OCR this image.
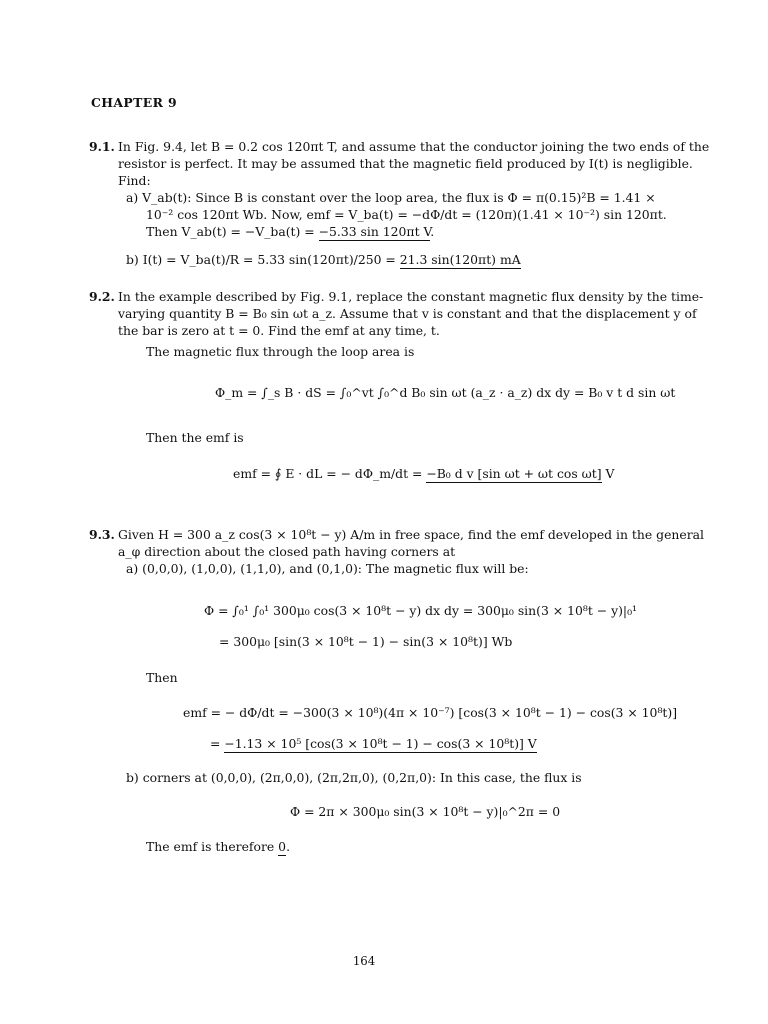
CHAPTER 9
9.1. In Fig. 9.4, let B = 0.2 cos 120πt T, and assume that the conductor joining the two ends of the
resistor is perfect. It may be assumed that the magnetic field produced by I(t) is negligible.
Find:
a) V_ab(t): Since B is constant over the loop area, the flux is Φ = π(0.15)²B = 1.41 ×
10⁻² cos 120πt Wb. Now, emf = V_ba(t) = −dΦ/dt = (120π)(1.41 × 10⁻²) sin 120πt.
Then V_ab(t) = −V_ba(t) = −5.33 sin 120πt V.
b) I(t) = V_ba(t)/R = 5.33 sin(120πt)/250 = 21.3 sin(120πt) mA
9.2. In the example described by Fig. 9.1, replace the constant magnetic flux density by the time-
varying quantity B = B₀ sin ωt a_z. Assume that v is constant and that the displacement y of
the bar is zero at t = 0. Find the emf at any time, t.
The magnetic flux through the loop area is
Φ_m = ∫_s B · dS = ∫₀^vt ∫₀^d B₀ sin ωt (a_z · a_z) dx dy = B₀ v t d sin ωt
Then the emf is
emf = ∮ E · dL = − dΦ_m/dt = −B₀ d v [sin ωt + ωt cos ωt] V
9.3. Given H = 300 a_z cos(3 × 10⁸t − y) A/m in free space, find the emf developed in the general
a_φ direction about the closed path having corners at
a) (0,0,0), (1,0,0), (1,1,0), and (0,1,0): The magnetic flux will be:
Φ = ∫₀¹ ∫₀¹ 300μ₀ cos(3 × 10⁸t − y) dx dy = 300μ₀ sin(3 × 10⁸t − y)|₀¹
= 300μ₀ [sin(3 × 10⁸t − 1) − sin(3 × 10⁸t)] Wb
Then
emf = − dΦ/dt = −300(3 × 10⁸)(4π × 10⁻⁷) [cos(3 × 10⁸t − 1) − cos(3 × 10⁸t)]
= −1.13 × 10⁵ [cos(3 × 10⁸t − 1) − cos(3 × 10⁸t)] V
b) corners at (0,0,0), (2π,0,0), (2π,2π,0), (0,2π,0): In this case, the flux is
Φ = 2π × 300μ₀ sin(3 × 10⁸t − y)|₀^2π = 0
The emf is therefore 0.
164
